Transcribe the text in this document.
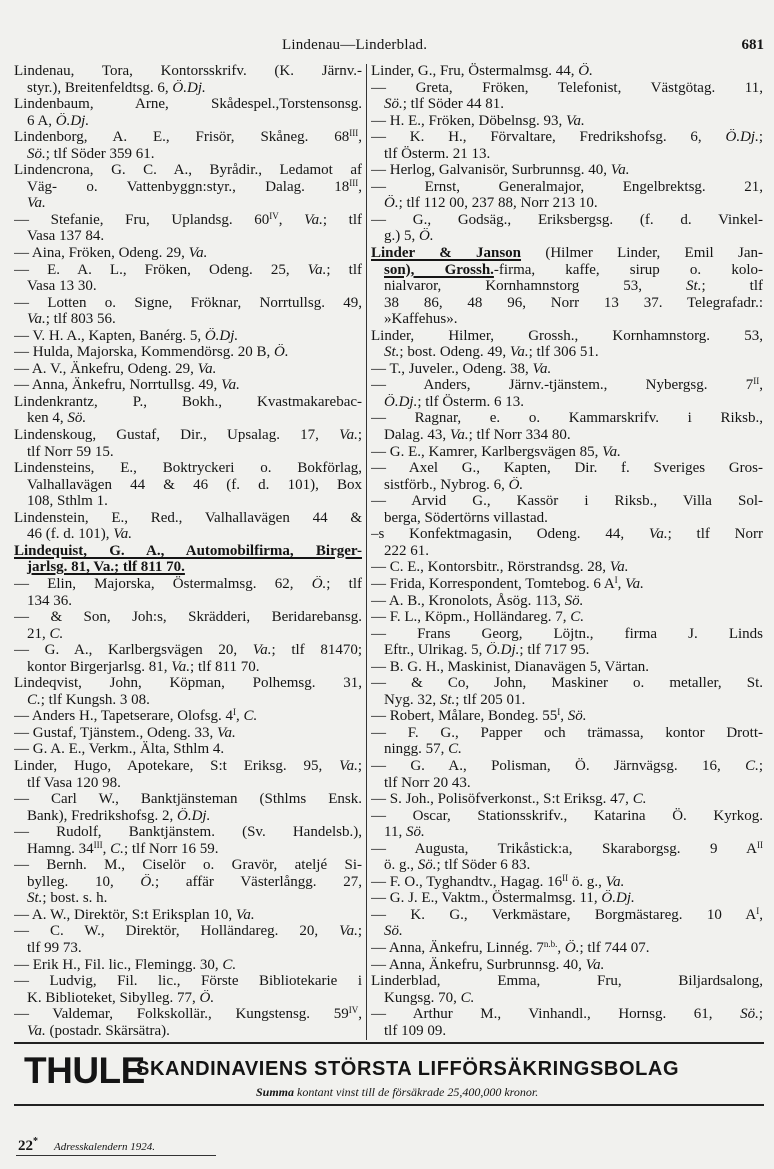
Lindenau—Linderblad.	681
Lindenau, Tora, Kontorsskrifv. (K. Järnv.-
styr.), Breitenfeldtsg. 6, Ö.Dj.
Lindenbaum, Arne, Skådespel.,Torstensonsg.
6 A, Ö.Dj.
Lindenborg, A. E., Frisör, Skåneg. $68^{III}$,
Sö.; tlf Söder 359 61.
Lindencrona, G. C. A., Byrådir., Ledamot af
Väg- o. Vattenbyggn:styr., Dalag. $18^{III}$,
Va.
— Stefanie, Fru, Uplandsg. $60^{IV}$, Va.; tlf
Vasa 137 84.
— Aina, Fröken, Odeng. 29, Va.
— E. A. L., Fröken, Odeng. 25, Va.; tlf
Vasa 13 30.
— Lotten o. Signe, Fröknar, Norrtullsg. 49,
Va.; tlf 803 56.
— V. H. A., Kapten, Banérg. 5, Ö.Dj.
— Hulda, Majorska, Kommendörsg. 20 B, Ö.
— A. V., Änkefru, Odeng. 29, Va.
— Anna, Änkefru, Norrtullsg. 49, Va.
Lindenkrantz, P., Bokh., Kvastmakarebac-
ken 4, Sö.
Lindenskoug, Gustaf, Dir., Upsalag. 17, Va.;
tlf Norr 59 15.
Lindensteins, E., Boktryckeri o. Bokförlag,
Valhallavägen 44 & 46 (f. d. 101), Box
108, Sthlm 1.
Lindenstein, E., Red., Valhallavägen 44 &
46 (f. d. 101), Va.
Lindequist, G. A., Automobilfirma, Birger-
jarlsg. 81, Va.; tlf 811 70.
— Elin, Majorska, Östermalmsg. 62, Ö.; tlf
134 36.
— & Son, Joh:s, Skrädderi, Beridarebansg.
21, C.
— G. A., Karlbergsvägen 20, Va.; tlf 81470;
kontor Birgerjarlsg. 81, Va.; tlf 811 70.
Lindeqvist, John, Köpman, Polhemsg. 31,
C.; tlf Kungsh. 3 08.
— Anders H., Tapetserare, Olofsg. $4^I$, C.
— Gustaf, Tjänstem., Odeng. 33, Va.
— G. A. E., Verkm., Älta, Sthlm 4.
Linder, Hugo, Apotekare, S:t Eriksg. 95, Va.;
tlf Vasa 120 98.
— Carl W., Banktjänsteman (Sthlms Ensk.
Bank), Fredrikshofsg. 2, Ö.Dj.
— Rudolf, Banktjänstem. (Sv. Handelsb.),
Hamng. $34^{III}$, C.; tlf Norr 16 59.
— Bernh. M., Ciselör o. Gravör, ateljé Si-
bylleg. 10, Ö.; affär Västerlångg. 27,
St.; bost. s. h.
— A. W., Direktör, S:t Eriksplan 10, Va.
— C. W., Direktör, Holländareg. 20, Va.;
tlf 99 73.
— Erik H., Fil. lic., Flemingg. 30, C.
— Ludvig, Fil. lic., Förste Bibliotekarie i
K. Biblioteket, Sibylleg. 77, Ö.
— Valdemar, Folkskollär., Kungstensg. $59^{IV}$,
Va. (postadr. Skärsätra).
Linder, G., Fru, Östermalmsg. 44, Ö.
— Greta, Fröken, Telefonist, Västgötag. 11,
Sö.; tlf Söder 44 81.
— H. E., Fröken, Döbelnsg. 93, Va.
— K. H., Förvaltare, Fredrikshofsg. 6, Ö.Dj.;
tlf Österm. 21 13.
— Herlog, Galvanisör, Surbrunnsg. 40, Va.
— Ernst, Generalmajor, Engelbrektsg. 21,
Ö.; tlf 112 00, 237 88, Norr 213 10.
— G., Godsäg., Eriksbergsg. (f. d. Vinkel-
g.) 5, Ö.
Linder & Janson (Hilmer Linder, Emil Jan-
son), Grossh.-firma, kaffe, sirup o. kolo-
nialvaror, Kornhamnstorg 53, St.; tlf
38 86, 48 96, Norr 13 37. Telegrafadr.:
»Kaffehus».
Linder, Hilmer, Grossh., Kornhamnstorg. 53,
St.; bost. Odeng. 49, Va.; tlf 306 51.
— T., Juveler., Odeng. 38, Va.
— Anders, Järnv.-tjänstem., Nybergsg. $7^{II}$,
Ö.Dj.; tlf Österm. 6 13.
— Ragnar, e. o. Kammarskrifv. i Riksb.,
Dalag. 43, Va.; tlf Norr 334 80.
— G. E., Kamrer, Karlbergsvägen 85, Va.
— Axel G., Kapten, Dir. f. Sveriges Gros-
sistförb., Nybrog. 6, Ö.
— Arvid G., Kassör i Riksb., Villa Sol-
berga, Södertörns villastad.
–s Konfektmagasin, Odeng. 44, Va.; tlf Norr
222 61.
— C. E., Kontorsbitr., Rörstrandsg. 28, Va.
— Frida, Korrespondent, Tomtebog. 6 $A^I$, Va.
— A. B., Kronolots, Åsög. 113, Sö.
— F. L., Köpm., Holländareg. 7, C.
— Frans Georg, Löjtn., firma J. Linds
Eftr., Ulrikag. 5, Ö.Dj.; tlf 717 95.
— B. G. H., Maskinist, Dianavägen 5, Värtan.
— & Co, John, Maskiner o. metaller, St.
Nyg. 32, St.; tlf 205 01.
— Robert, Målare, Bondeg. $55^I$, Sö.
— F. G., Papper och trämassa, kontor Drott-
ningg. 57, C.
— G. A., Polisman, Ö. Järnvägsg. 16, C.;
tlf Norr 20 43.
— S. Joh., Polisöfverkonst., S:t Eriksg. 47, C.
— Oscar, Stationsskrifv., Katarina Ö. Kyrkog.
11, Sö.
— Augusta, Trikåstick:a, Skaraborgsg. 9 $A^{II}$
ö. g., Sö.; tlf Söder 6 83.
— F. O., Tyghandtv., Hagag. $16^{II}$ ö. g., Va.
— G. J. E., Vaktm., Östermalmsg. 11, Ö.Dj.
— K. G., Verkmästare, Borgmästareg. 10 $A^I$,
Sö.
— Anna, Änkefru, Linnég. $7^{n.b.}$, Ö.; tlf 744 07.
— Anna, Änkefru, Surbrunnsg. 40, Va.
Linderblad, Emma, Fru, Biljardsalong,
Kungsg. 70, C.
— Arthur M., Vinhandl., Hornsg. 61, Sö.;
tlf 109 09.
THULE
SKANDINAVIENS STÖRSTA LIFFÖRSÄKRINGSBOLAG
Summa kontant vinst till de försäkrade 25,400,000 kronor.
22* Adresskalendern 1924.
